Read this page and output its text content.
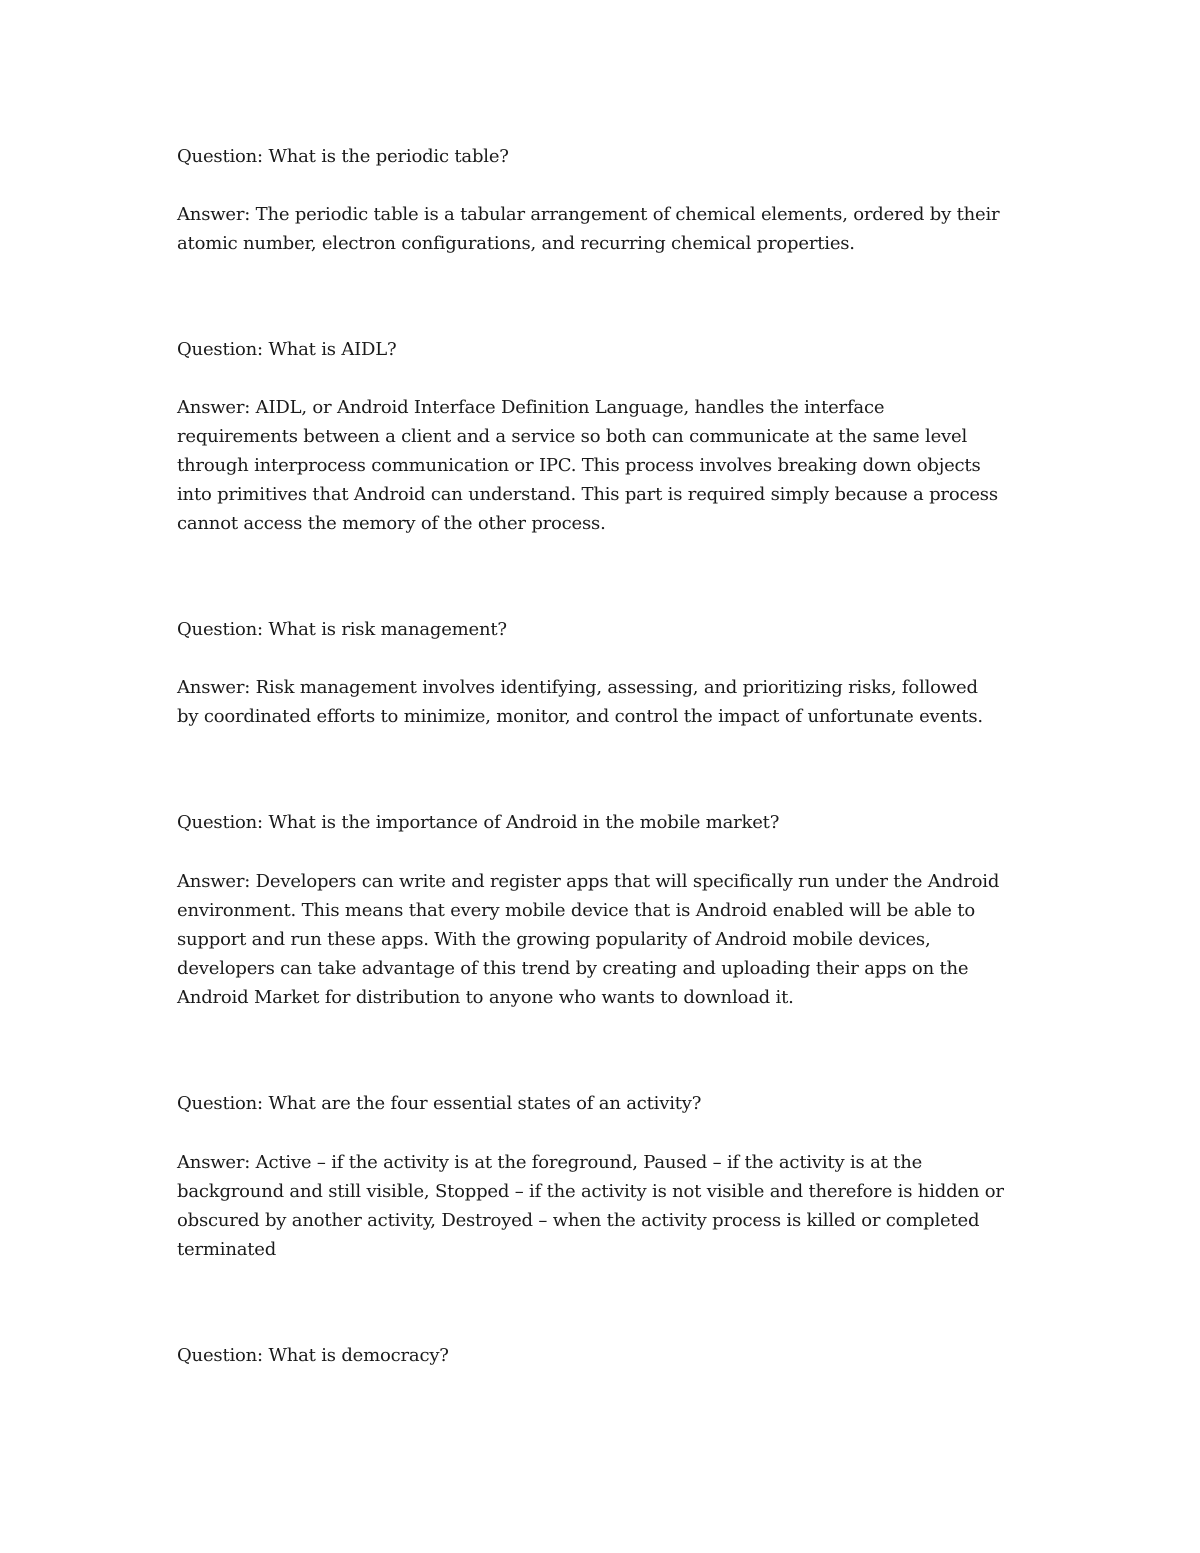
Question: What is the periodic table?

Answer: The periodic table is a tabular arrangement of chemical elements, ordered by their

atomic number, electron configurations, and recurring chemical properties.

Question: What is AIDL?

Answer: AIDL, or Android Interface Definition Language, handles the interface

requirements between a client and a service so both can communicate at the same level

through interprocess communication or IPC. This process involves breaking down objects

into primitives that Android can understand. This part is required simply because a process

cannot access the memory of the other process.

Question: What is risk management?

Answer: Risk management involves identifying, assessing, and prioritizing risks, followed

by coordinated efforts to minimize, monitor, and control the impact of unfortunate events.

Question: What is the importance of Android in the mobile market?

Answer: Developers can write and register apps that will specifically run under the Android

environment. This means that every mobile device that is Android enabled will be able to

support and run these apps. With the growing popularity of Android mobile devices,

developers can take advantage of this trend by creating and uploading their apps on the

Android Market for distribution to anyone who wants to download it.

Question: What are the four essential states of an activity?

Answer: Active – if the activity is at the foreground, Paused – if the activity is at the

background and still visible, Stopped – if the activity is not visible and therefore is hidden or

obscured by another activity, Destroyed – when the activity process is killed or completed

terminated

Question: What is democracy?
